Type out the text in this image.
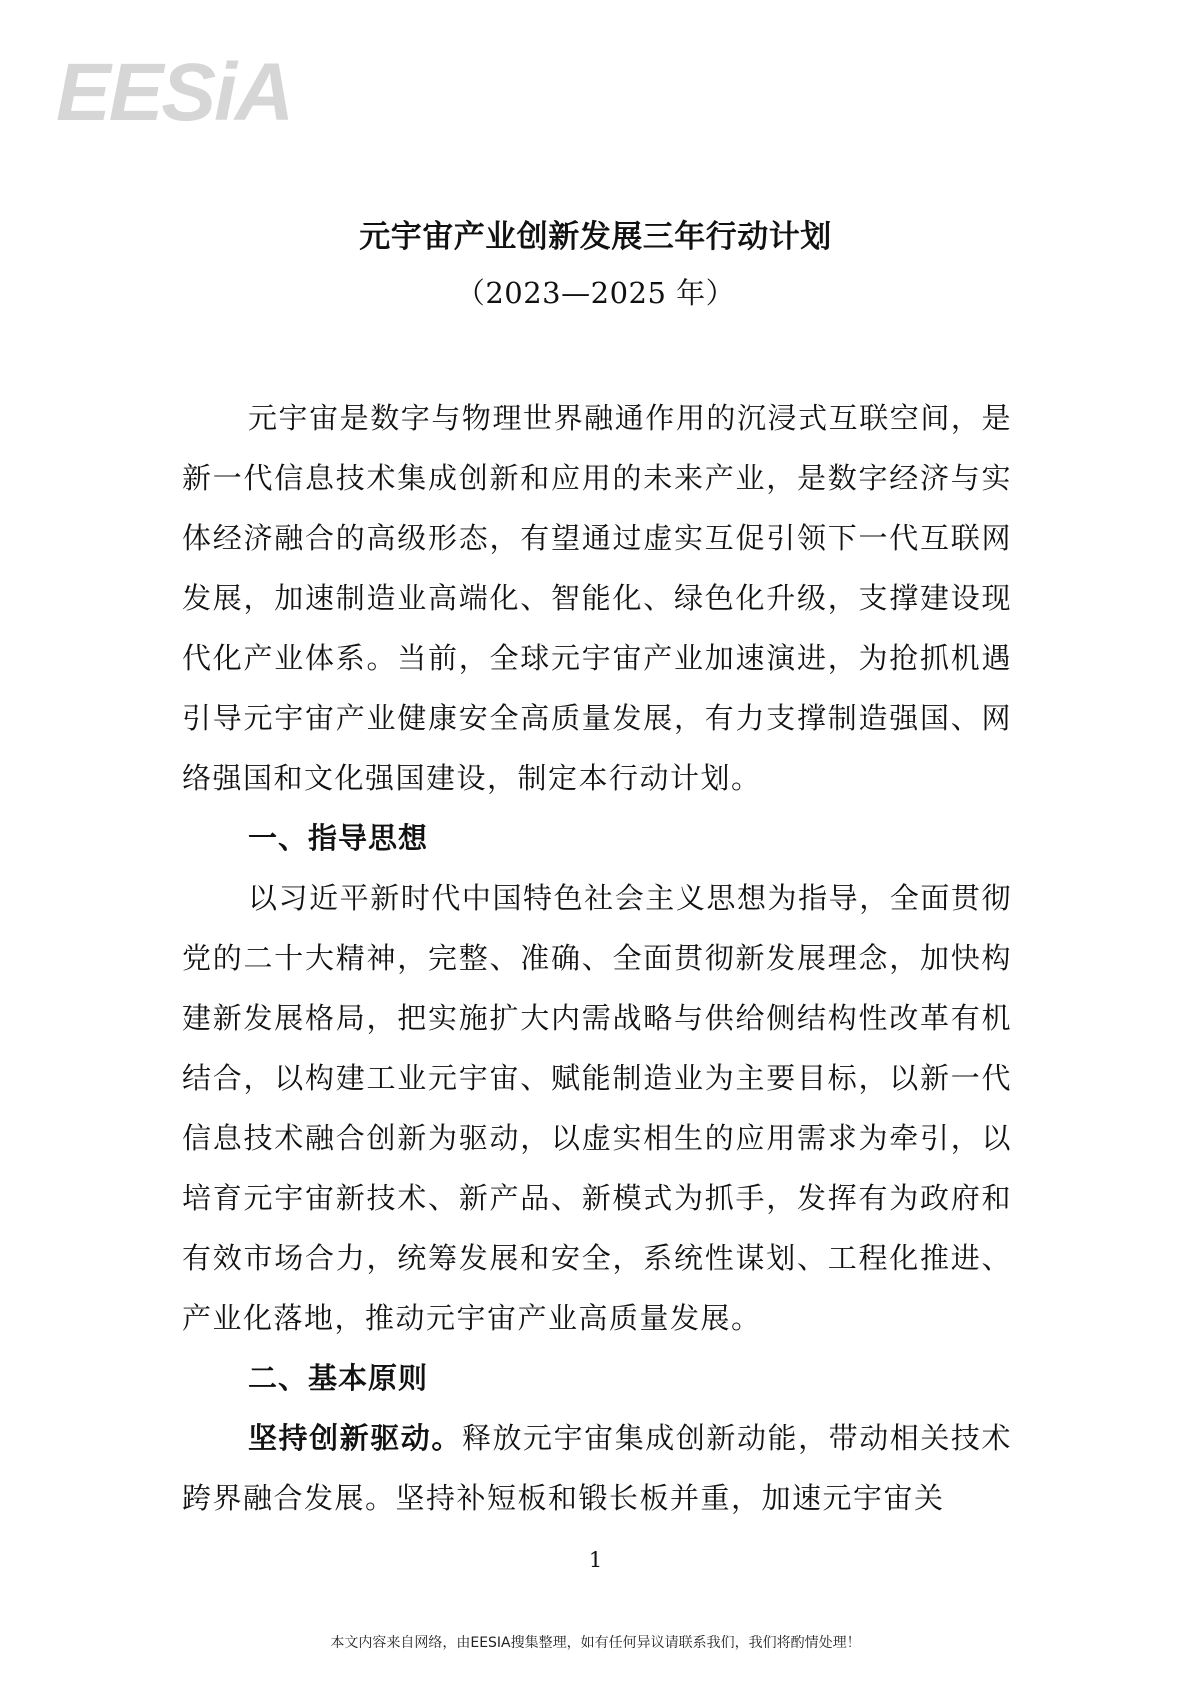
EESiA

元宇宙产业创新发展三年行动计划

（2023—2025 年）

元宇宙是数字与物理世界融通作用的沉浸式互联空间，是新一代信息技术集成创新和应用的未来产业，是数字经济与实体经济融合的高级形态，有望通过虚实互促引领下一代互联网发展，加速制造业高端化、智能化、绿色化升级，支撑建设现代化产业体系。当前，全球元宇宙产业加速演进，为抢抓机遇引导元宇宙产业健康安全高质量发展，有力支撑制造强国、网络强国和文化强国建设，制定本行动计划。

一、指导思想

以习近平新时代中国特色社会主义思想为指导，全面贯彻党的二十大精神，完整、准确、全面贯彻新发展理念，加快构建新发展格局，把实施扩大内需战略与供给侧结构性改革有机结合，以构建工业元宇宙、赋能制造业为主要目标，以新一代信息技术融合创新为驱动，以虚实相生的应用需求为牵引，以培育元宇宙新技术、新产品、新模式为抓手，发挥有为政府和有效市场合力，统筹发展和安全，系统性谋划、工程化推进、产业化落地，推动元宇宙产业高质量发展。

二、基本原则

坚持创新驱动。释放元宇宙集成创新动能，带动相关技术跨界融合发展。坚持补短板和锻长板并重，加速元宇宙关

1
本文内容来自网络，由EESIA搜集整理，如有任何异议请联系我们，我们将酌情处理！
